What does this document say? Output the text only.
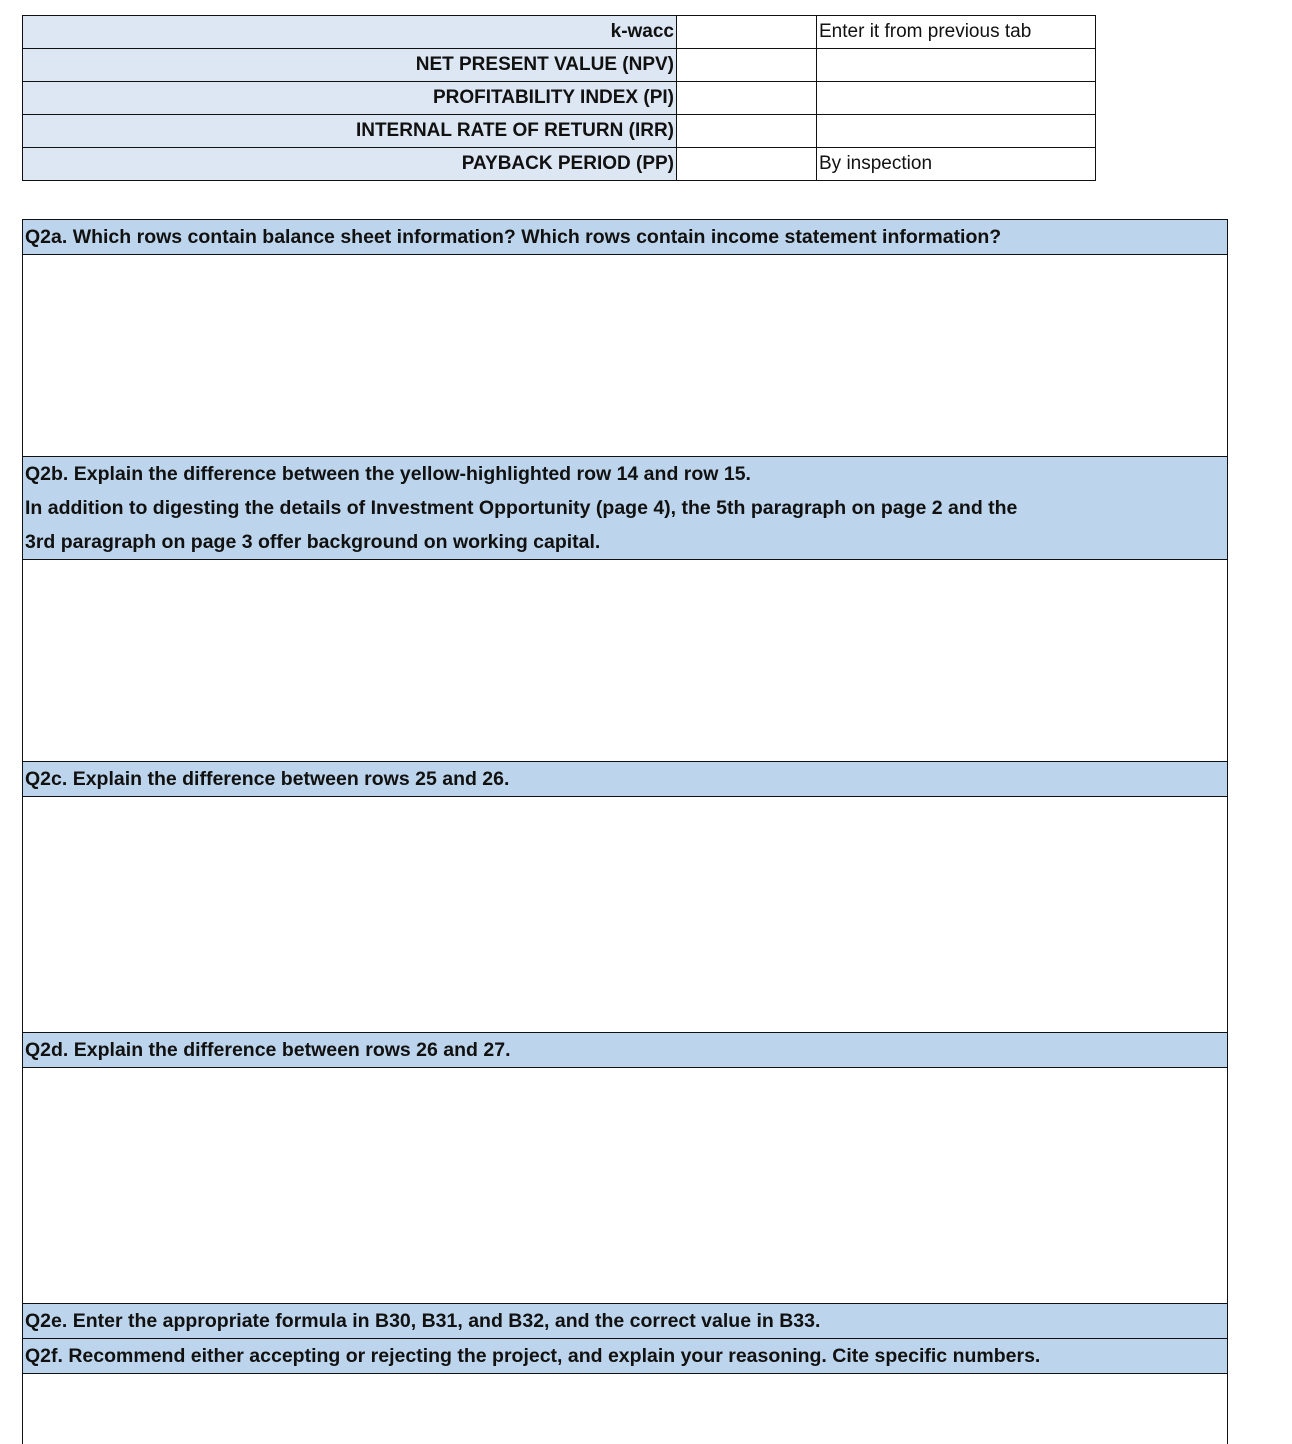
k-wacc		Enter it from previous tab
NET PRESENT VALUE (NPV)		
PROFITABILITY INDEX (PI)		
INTERNAL RATE OF RETURN (IRR)		
PAYBACK PERIOD (PP)		By inspection
Q2a. Which rows contain balance sheet information? Which rows contain income statement information?
Q2b. Explain the difference between the yellow-highlighted row 14 and row 15.
In addition to digesting the details of Investment Opportunity (page 4), the 5th paragraph on page 2 and the
3rd paragraph on page 3 offer background on working capital.
Q2c. Explain the difference between rows 25 and 26.
Q2d. Explain the difference between rows 26 and 27.
Q2e. Enter the appropriate formula in B30, B31, and B32, and the correct value in B33.
Q2f. Recommend either accepting or rejecting the project, and explain your reasoning. Cite specific numbers.
